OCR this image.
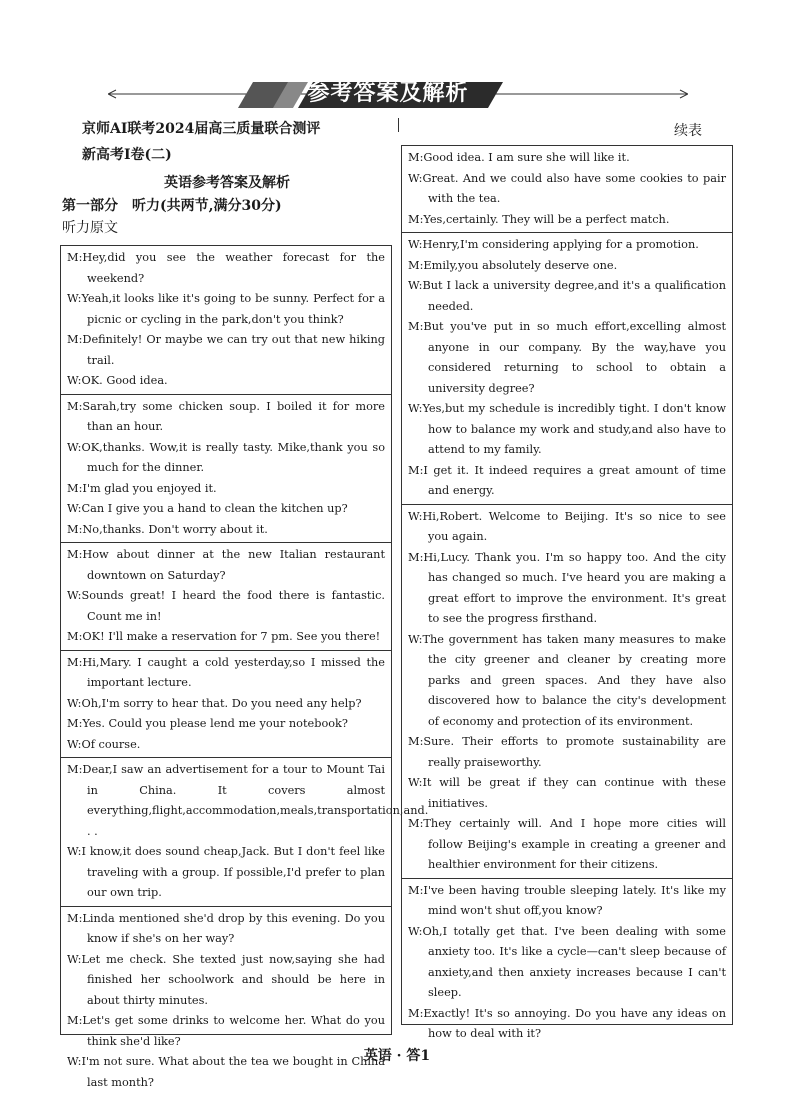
参考答案及解析
京师AI联考2024届高三质量联合测评
新高考Ⅰ卷(二)
英语参考答案及解析
第一部分　听力(共两节,满分30分)
听力原文
续表
M:Hey,did you see the weather forecast for the weekend?
W:Yeah,it looks like it's going to be sunny. Perfect for a picnic or cycling in the park,don't you think?
M:Definitely! Or maybe we can try out that new hiking trail.
W:OK. Good idea.
M:Sarah,try some chicken soup. I boiled it for more than an hour.
W:OK,thanks. Wow,it is really tasty. Mike,thank you so much for the dinner.
M:I'm glad you enjoyed it.
W:Can I give you a hand to clean the kitchen up?
M:No,thanks. Don't worry about it.
M:How about dinner at the new Italian restaurant downtown on Saturday?
W:Sounds great! I heard the food there is fantastic. Count me in!
M:OK! I'll make a reservation for 7 pm. See you there!
M:Hi,Mary. I caught a cold yesterday,so I missed the important lecture.
W:Oh,I'm sorry to hear that. Do you need any help?
M:Yes. Could you please lend me your notebook?
W:Of course.
M:Dear,I saw an advertisement for a tour to Mount Tai in China. It covers almost everything,flight,accommodation,meals,transportation,and. . .
W:I know,it does sound cheap,Jack. But I don't feel like traveling with a group. If possible,I'd prefer to plan our own trip.
M:Linda mentioned she'd drop by this evening. Do you know if she's on her way?
W:Let me check. She texted just now,saying she had finished her schoolwork and should be here in about thirty minutes.
M:Let's get some drinks to welcome her. What do you think she'd like?
W:I'm not sure. What about the tea we bought in China last month?
M:Good idea. I am sure she will like it.
W:Great. And we could also have some cookies to pair with the tea.
M:Yes,certainly. They will be a perfect match.
W:Henry,I'm considering applying for a promotion.
M:Emily,you absolutely deserve one.
W:But I lack a university degree,and it's a qualification needed.
M:But you've put in so much effort,excelling almost anyone in our company. By the way,have you considered returning to school to obtain a university degree?
W:Yes,but my schedule is incredibly tight. I don't know how to balance my work and study,and also have to attend to my family.
M:I get it. It indeed requires a great amount of time and energy.
W:Hi,Robert. Welcome to Beijing. It's so nice to see you again.
M:Hi,Lucy. Thank you. I'm so happy too. And the city has changed so much. I've heard you are making a great effort to improve the environment. It's great to see the progress firsthand.
W:The government has taken many measures to make the city greener and cleaner by creating more parks and green spaces. And they have also discovered how to balance the city's development of economy and protection of its environment.
M:Sure. Their efforts to promote sustainability are really praiseworthy.
W:It will be great if they can continue with these initiatives.
M:They certainly will. And I hope more cities will follow Beijing's example in creating a greener and healthier environment for their citizens.
M:I've been having trouble sleeping lately. It's like my mind won't shut off,you know?
W:Oh,I totally get that. I've been dealing with some anxiety too. It's like a cycle—can't sleep because of anxiety,and then anxiety increases because I can't sleep.
M:Exactly! It's so annoying. Do you have any ideas on how to deal with it?
英语 · 答1
